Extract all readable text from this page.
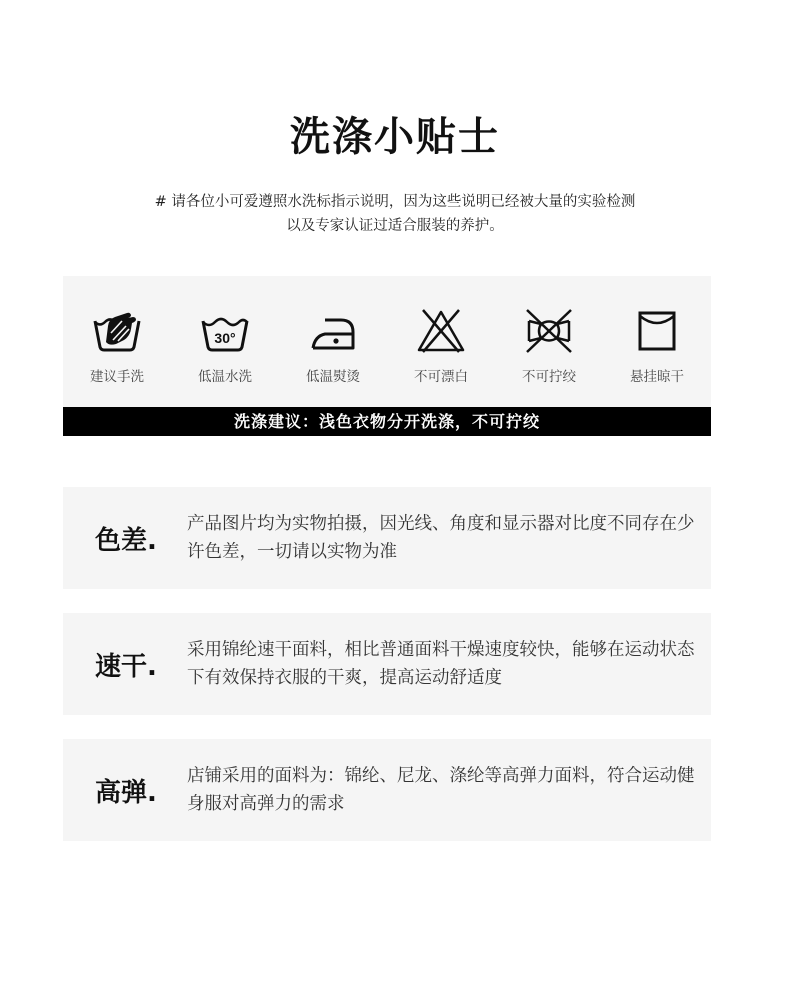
洗涤小贴士
# 请各位小可爱遵照水洗标指示说明，因为这些说明已经被大量的实验检测
以及专家认证过适合服装的养护。
建议手洗
30°
低温水洗	低温熨烫	不可漂白	不可拧绞	悬挂晾干
洗涤建议：浅色衣物分开洗涤，不可拧绞
色差.
产品图片均为实物拍摄，因光线、角度和显示器对比度不同存在少许色差，一切请以实物为准
速干.
采用锦纶速干面料，相比普通面料干燥速度较快，能够在运动状态下有效保持衣服的干爽，提高运动舒适度
高弹.
店铺采用的面料为：锦纶、尼龙、涤纶等高弹力面料，符合运动健身服对高弹力的需求
